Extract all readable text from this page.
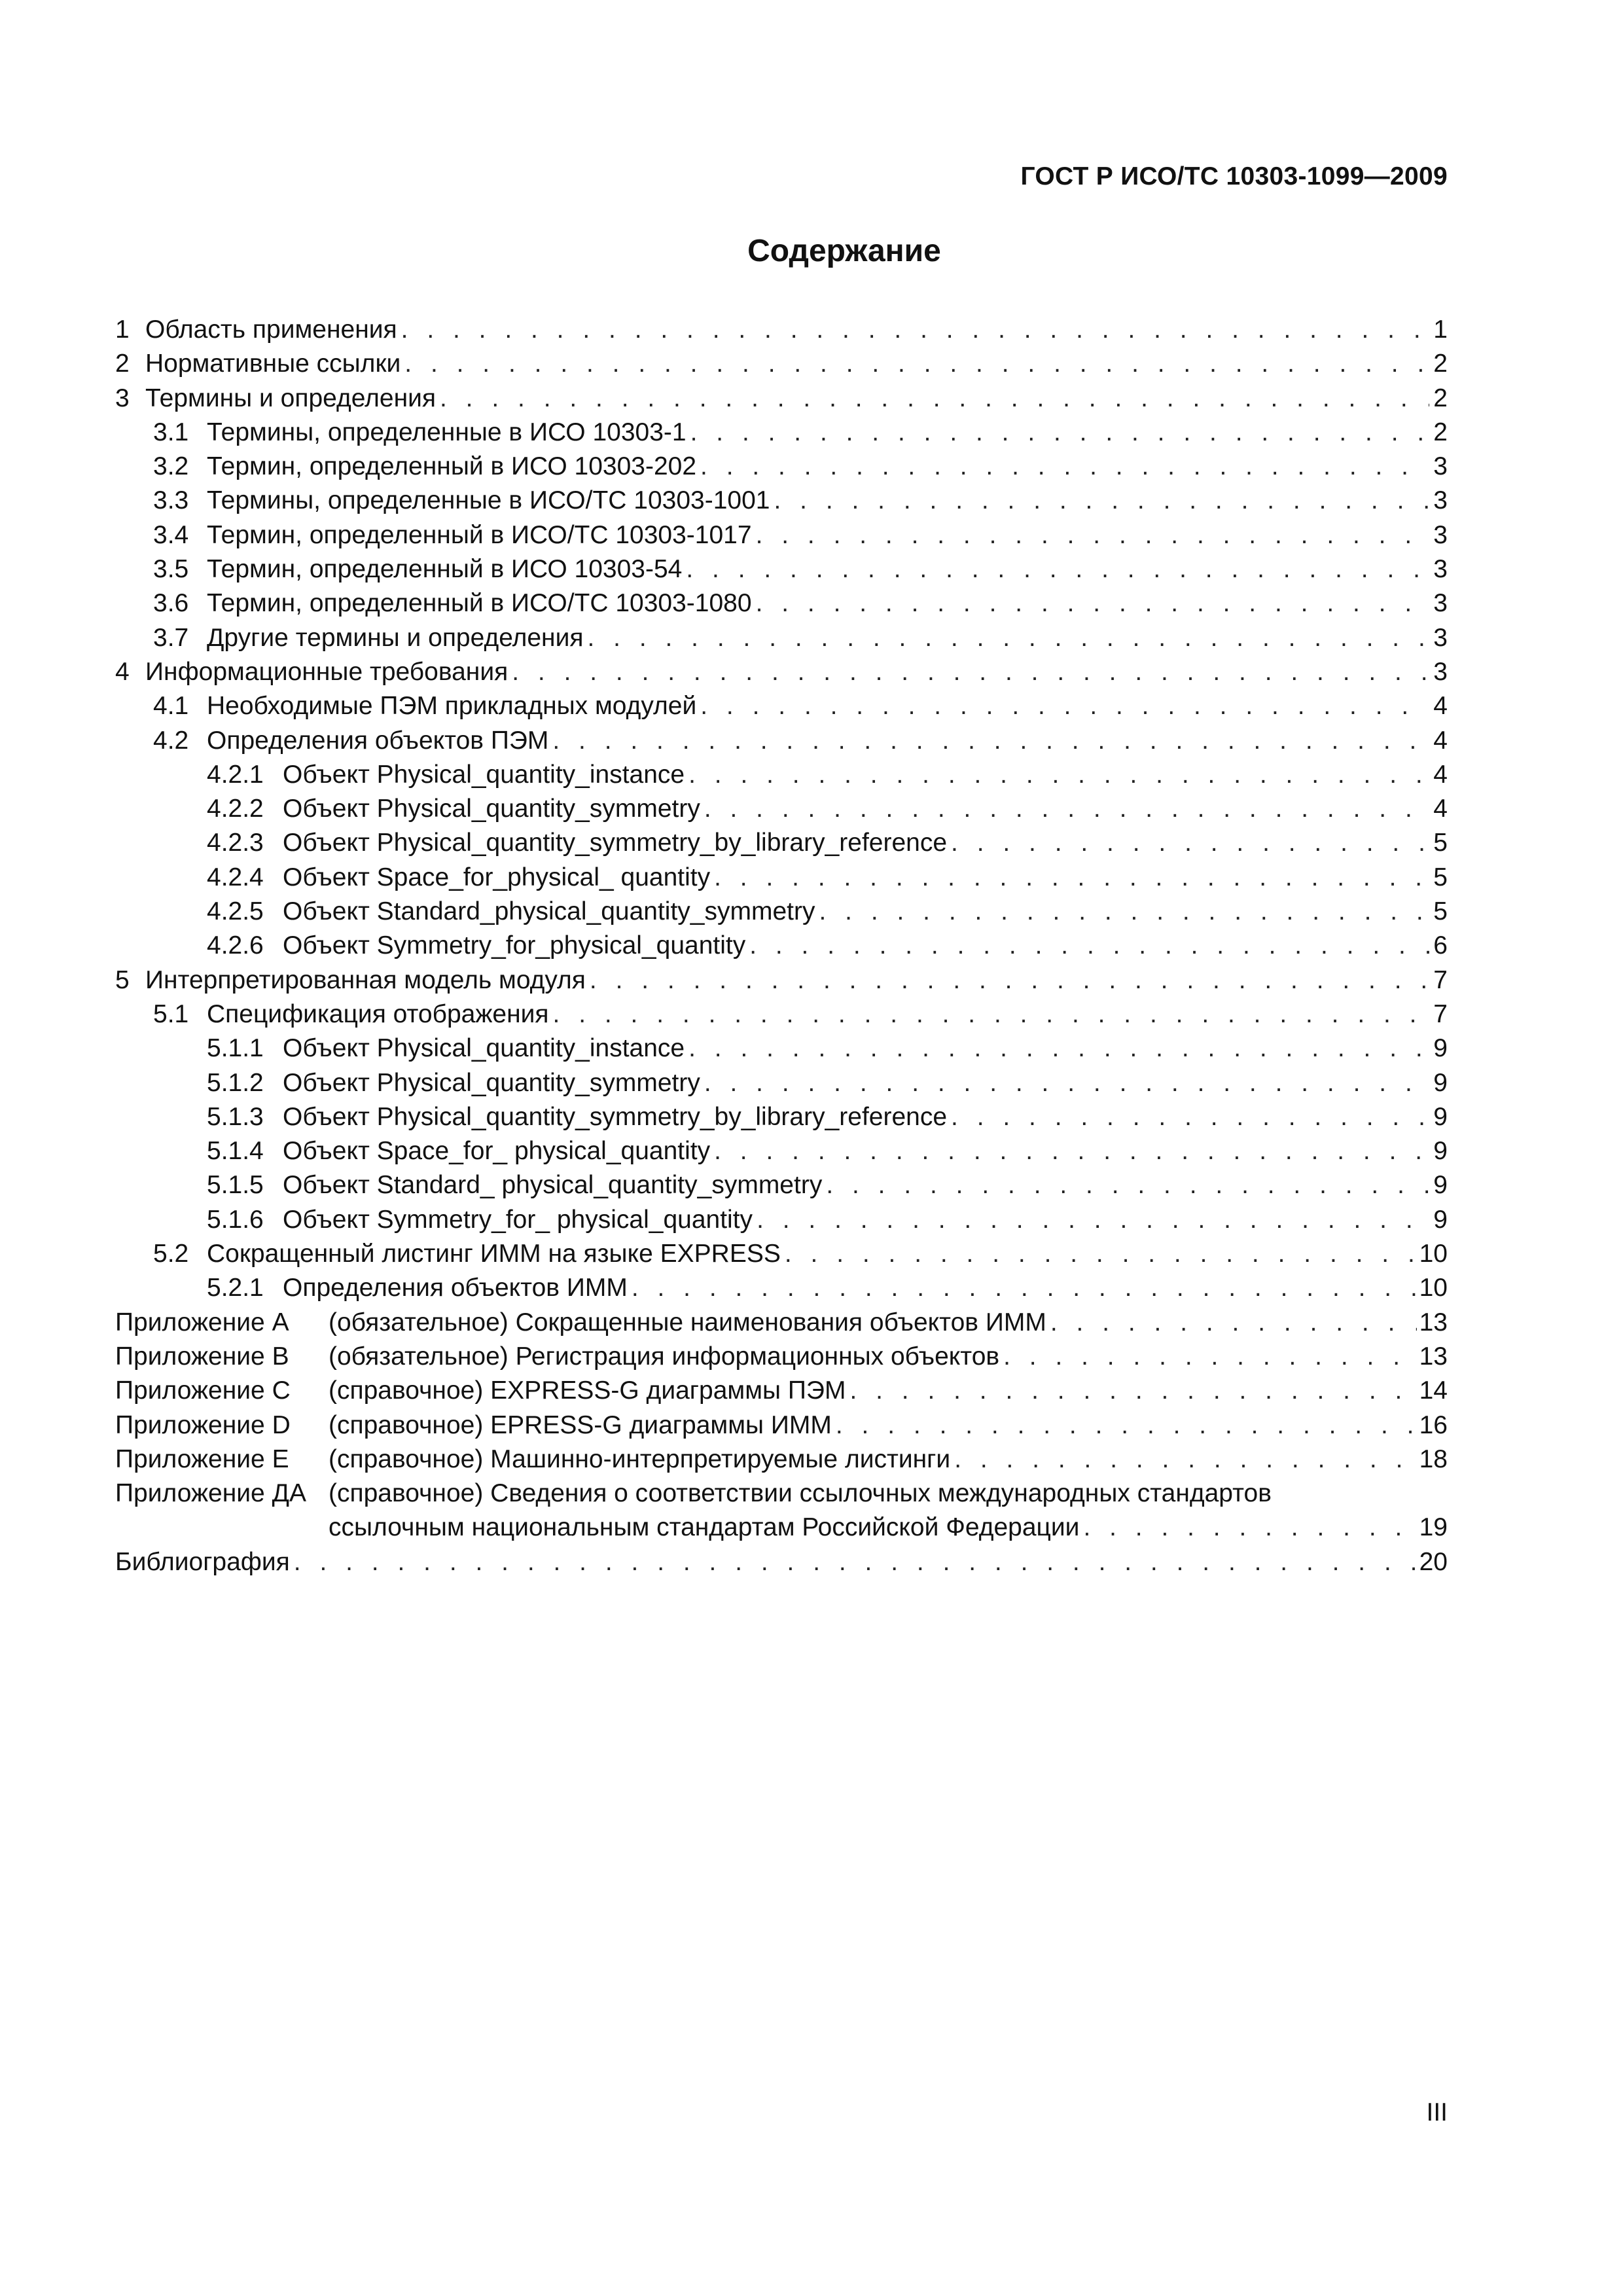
ГОСТ Р ИСО/ТС 10303-1099—2009
Содержание
1 Область применения . . .	1
2 Нормативные ссылки . . .	2
3 Термины и определения . . .	2
3.1 Термины, определенные в ИСО 10303-1 . . .	2
3.2 Термин, определенный в ИСО 10303-202 . . .	3
3.3 Термины, определенные в ИСО/ТС 10303-1001 . . .	3
3.4 Термин, определенный в ИСО/ТС 10303-1017 . . .	3
3.5 Термин, определенный в ИСО 10303-54 . . .	3
3.6 Термин, определенный в ИСО/ТС 10303-1080 . . .	3
3.7 Другие термины и определения . . .	3
4 Информационные требования . . .	3
4.1 Необходимые ПЭМ прикладных модулей . . .	4
4.2 Определения объектов ПЭМ . . .	4
4.2.1 Объект Physical_quantity_instance . . .	4
4.2.2 Объект Physical_quantity_symmetry . . .	4
4.2.3 Объект Physical_quantity_symmetry_by_library_reference . . .	5
4.2.4 Объект Space_for_physical_ quantity . . .	5
4.2.5 Объект Standard_physical_quantity_symmetry . . .	5
4.2.6 Объект Symmetry_for_physical_quantity . . .	6
5 Интерпретированная модель модуля . . .	7
5.1 Спецификация отображения . . .	7
5.1.1 Объект Physical_quantity_instance . . .	9
5.1.2 Объект Physical_quantity_symmetry . . .	9
5.1.3 Объект Physical_quantity_symmetry_by_library_reference . . .	9
5.1.4 Объект Space_for_ physical_quantity . . .	9
5.1.5 Объект Standard_ physical_quantity_symmetry . . .	9
5.1.6 Объект Symmetry_for_ physical_quantity . . .	9
5.2 Сокращенный листинг ИММ на языке EXPRESS . . .	10
5.2.1 Определения объектов ИММ . . .	10
Приложение А (обязательное) Сокращенные наименования объектов ИММ . . .	13
Приложение В (обязательное) Регистрация информационных объектов . . .	13
Приложение С (справочное) EXPRESS-G диаграммы ПЭМ . . .	14
Приложение D (справочное) EPRESS-G диаграммы ИММ . . .	16
Приложение Е (справочное) Машинно-интерпретируемые листинги . . .	18
Приложение ДА (справочное) Сведения о соответствии ссылочных международных стандартов
ссылочным национальным стандартам Российской Федерации . . .	19
Библиография . . .	20
III
